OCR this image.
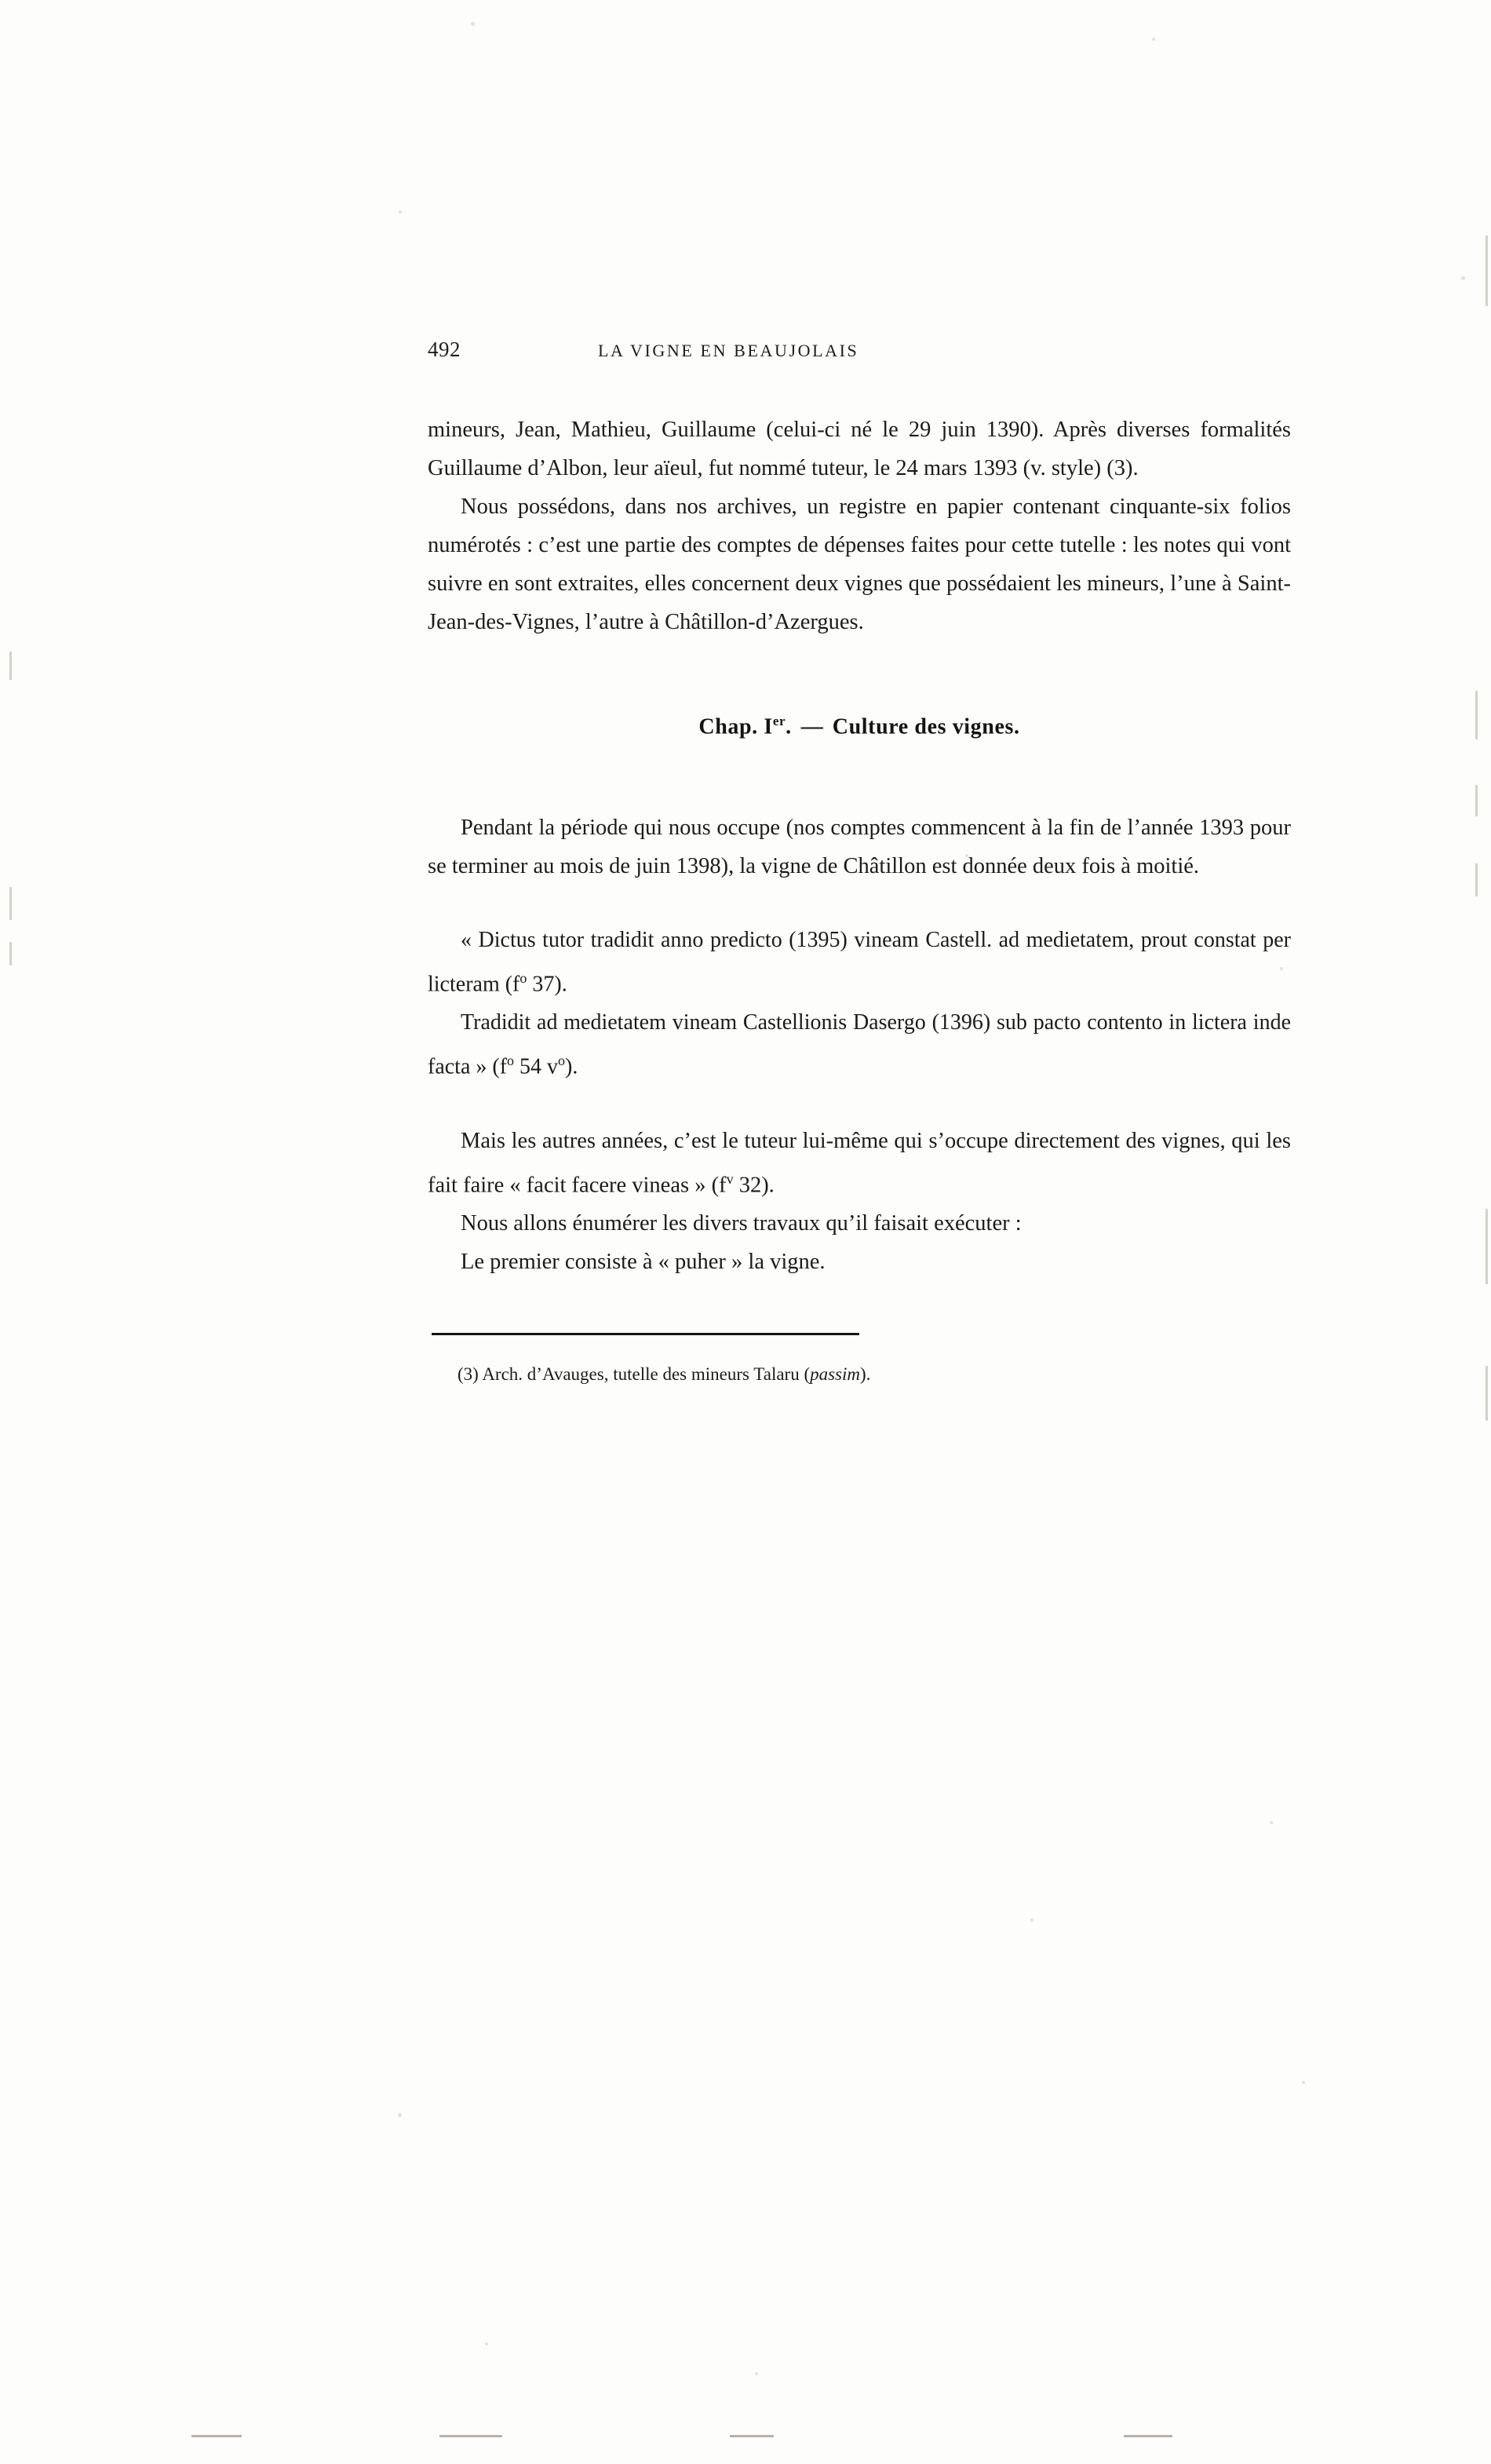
492	LA VIGNE EN BEAUJOLAIS

mineurs, Jean, Mathieu, Guillaume (celui-ci né le 29 juin 1390). Après diverses formalités Guillaume d’Albon, leur aïeul, fut nommé tuteur, le 24 mars 1393 (v. style) (3).

Nous possédons, dans nos archives, un registre en papier contenant cinquante-six folios numérotés : c’est une partie des comptes de dépenses faites pour cette tutelle : les notes qui vont suivre en sont extraites, elles concernent deux vignes que possédaient les mineurs, l’une à Saint-Jean-des-Vignes, l’autre à Châtillon-d’Azergues.

Chap. Ier. — Culture des vignes.

Pendant la période qui nous occupe (nos comptes commencent à la fin de l’année 1393 pour se terminer au mois de juin 1398), la vigne de Châtillon est donnée deux fois à moitié.

« Dictus tutor tradidit anno predicto (1395) vineam Castell. ad medietatem, prout constat per licteram ($f^o$ 37).

Tradidit ad medietatem vineam Castellionis Dasergo (1396) sub pacto contento in lictera inde facta » ($f^o$ 54 $v^o$).

Mais les autres années, c’est le tuteur lui-même qui s’occupe directement des vignes, qui les fait faire « facit facere vineas » ($f^v$ 32).

Nous allons énumérer les divers travaux qu’il faisait exécuter :

Le premier consiste à « puher » la vigne.

(3) Arch. d’Avauges, tutelle des mineurs Talaru (passim).
